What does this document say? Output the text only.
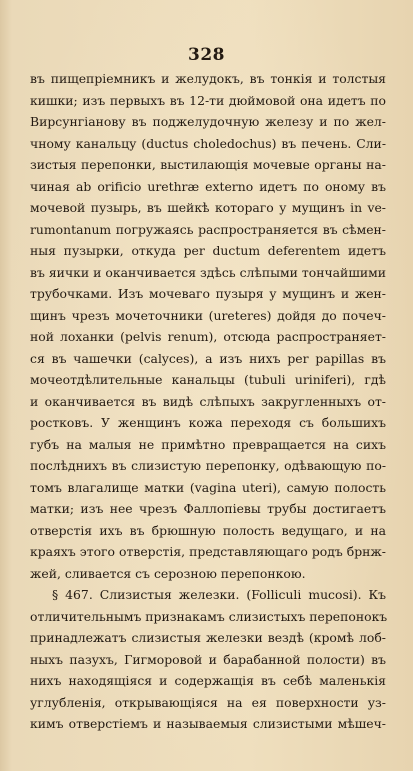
328
въ пищепріемникъ и желудокъ, въ тонкія и толстыя
кишки; изъ первыхъ въ 12-ти дюймовой она идетъ по
Вирсунгіанову въ поджелудочную железу и по жел-
чному канальцу (ductus choledochus) въ печень. Сли-
зистыя перепонки, выстилающія мочевые органы на-
чиная аb orificio urethræ externo идетъ по оному въ
мочевой пузырь, въ шейкѣ котораго у мущинъ in ve-
rumontanum погружаясь распространяется въ сѣмен-
ныя пузырки, откуда per ductum deferentem идетъ
въ яички и оканчивается здѣсь слѣпыми тончайшими
трубочками. Изъ мочеваго пузыря у мущинъ и жен-
щинъ чрезъ мочеточники (ureteres) дойдя до почеч-
ной лоханки (pelvis renum), отсюда распространяет-
ся въ чашечки (calyces), а изъ нихъ per papillas въ
мочеотдѣлительные канальцы (tubuli uriniferi), гдѣ
и оканчивается въ видѣ слѣпыхъ закругленныхъ от-
ростковъ. У женщинъ кожа переходя съ большихъ
губъ на малыя не примѣтно превращается на сихъ
послѣднихъ въ слизистую перепонку, одѣвающую по-
томъ влагалище матки (vagina uteri), самую полость
матки; изъ нее чрезъ Фаллопіевы трубы достигаетъ
отверстія ихъ въ брюшную полость ведущаго, и на
краяхъ этого отверстія, представляющаго родъ брнж-
жей, сливается съ серозною перепонкою.
§ 467. Слизистыя железки. (Folliculi mucosi). Къ
отличительнымъ признакамъ слизистыхъ перепонокъ
принадлежатъ слизистыя железки вездѣ (кромѣ лоб-
ныхъ пазухъ, Гигморовой и барабанной полости) въ
нихъ находящіяся и содержащія въ себѣ маленькія
углубленія, открывающіяся на ея поверхности уз-
кимъ отверстіемъ и называемыя слизистыми мѣшеч-
